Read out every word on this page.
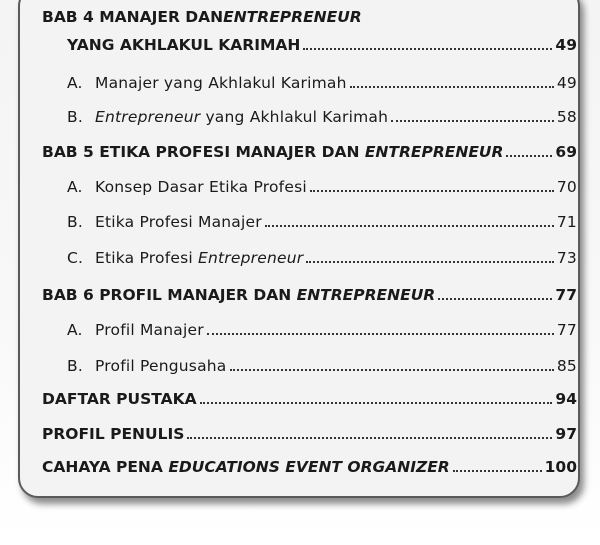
BAB 4 MANAJER DAN ENTREPRENEUR
YANG AKHLAKUL KARIMAH	49
A. Manajer yang Akhlakul Karimah	49
B. Entrepreneur yang Akhlakul Karimah	58
BAB 5 ETIKA PROFESI MANAJER DAN ENTREPRENEUR	69
A. Konsep Dasar Etika Profesi	70
B. Etika Profesi Manajer	71
C. Etika Profesi Entrepreneur	73
BAB 6 PROFIL MANAJER DAN ENTREPRENEUR	77
A. Profil Manajer	77
B. Profil Pengusaha	85
DAFTAR PUSTAKA	94
PROFIL PENULIS	97
CAHAYA PENA EDUCATIONS EVENT ORGANIZER	100
